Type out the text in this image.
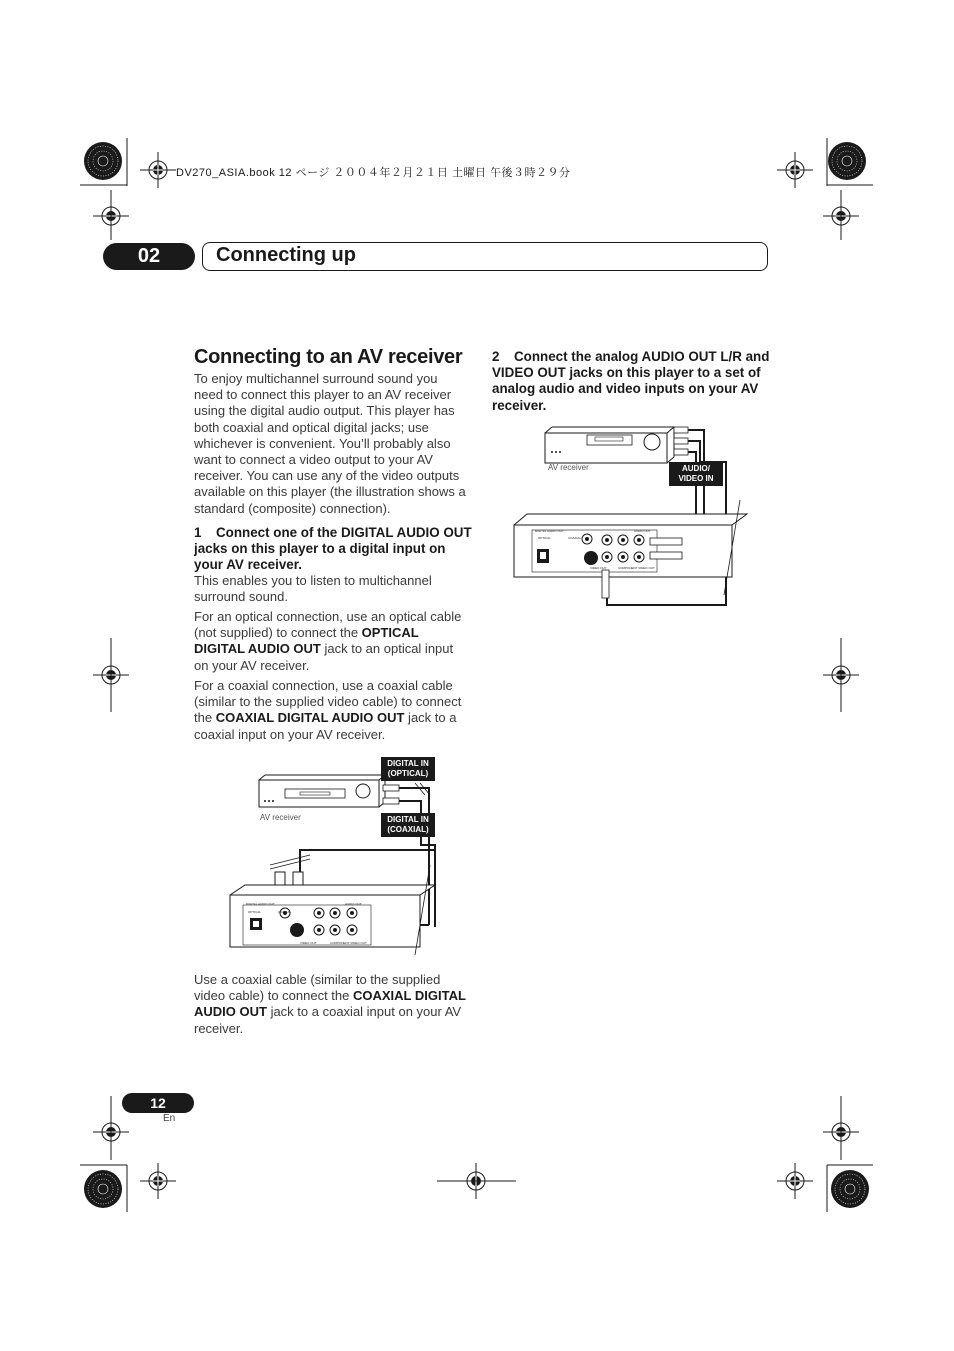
DV270_ASIA.book 12 ページ ２００４年２月２１日 土曜日 午後３時２９分
02	Connecting up
Connecting to an AV receiver
To enjoy multichannel surround sound you need to connect this player to an AV receiver using the digital audio output. This player has both coaxial and optical digital jacks; use whichever is convenient. You’ll probably also want to connect a video output to your AV receiver. You can use any of the video outputs available on this player (the illustration shows a standard (composite) connection).
1 Connect one of the DIGITAL AUDIO OUT jacks on this player to a digital input on your AV receiver.
This enables you to listen to multichannel surround sound.
For an optical connection, use an optical cable (not supplied) to connect the OPTICAL DIGITAL AUDIO OUT jack to an optical input on your AV receiver.
For a coaxial connection, use a coaxial cable (similar to the supplied video cable) to connect the COAXIAL DIGITAL AUDIO OUT jack to a coaxial input on your AV receiver.
AV receiver
DIGITAL IN
(OPTICAL)
DIGITAL IN
(COAXIAL)
DIGITAL AUDIO OUT
OPTICAL	COAXIAL
AUDIO OUT
VIDEO OUT	COMPONENT VIDEO OUT
Use a coaxial cable (similar to the supplied video cable) to connect the COAXIAL DIGITAL AUDIO OUT jack to a coaxial input on your AV receiver.
2 Connect the analog AUDIO OUT L/R and VIDEO OUT jacks on this player to a set of analog audio and video inputs on your AV receiver.
AV receiver	AUDIO/
VIDEO IN
DIGITAL AUDIO OUT
OPTICAL	COAXIAL
AUDIO OUT
VIDEO OUT	COMPONENT VIDEO OUT
12
En
